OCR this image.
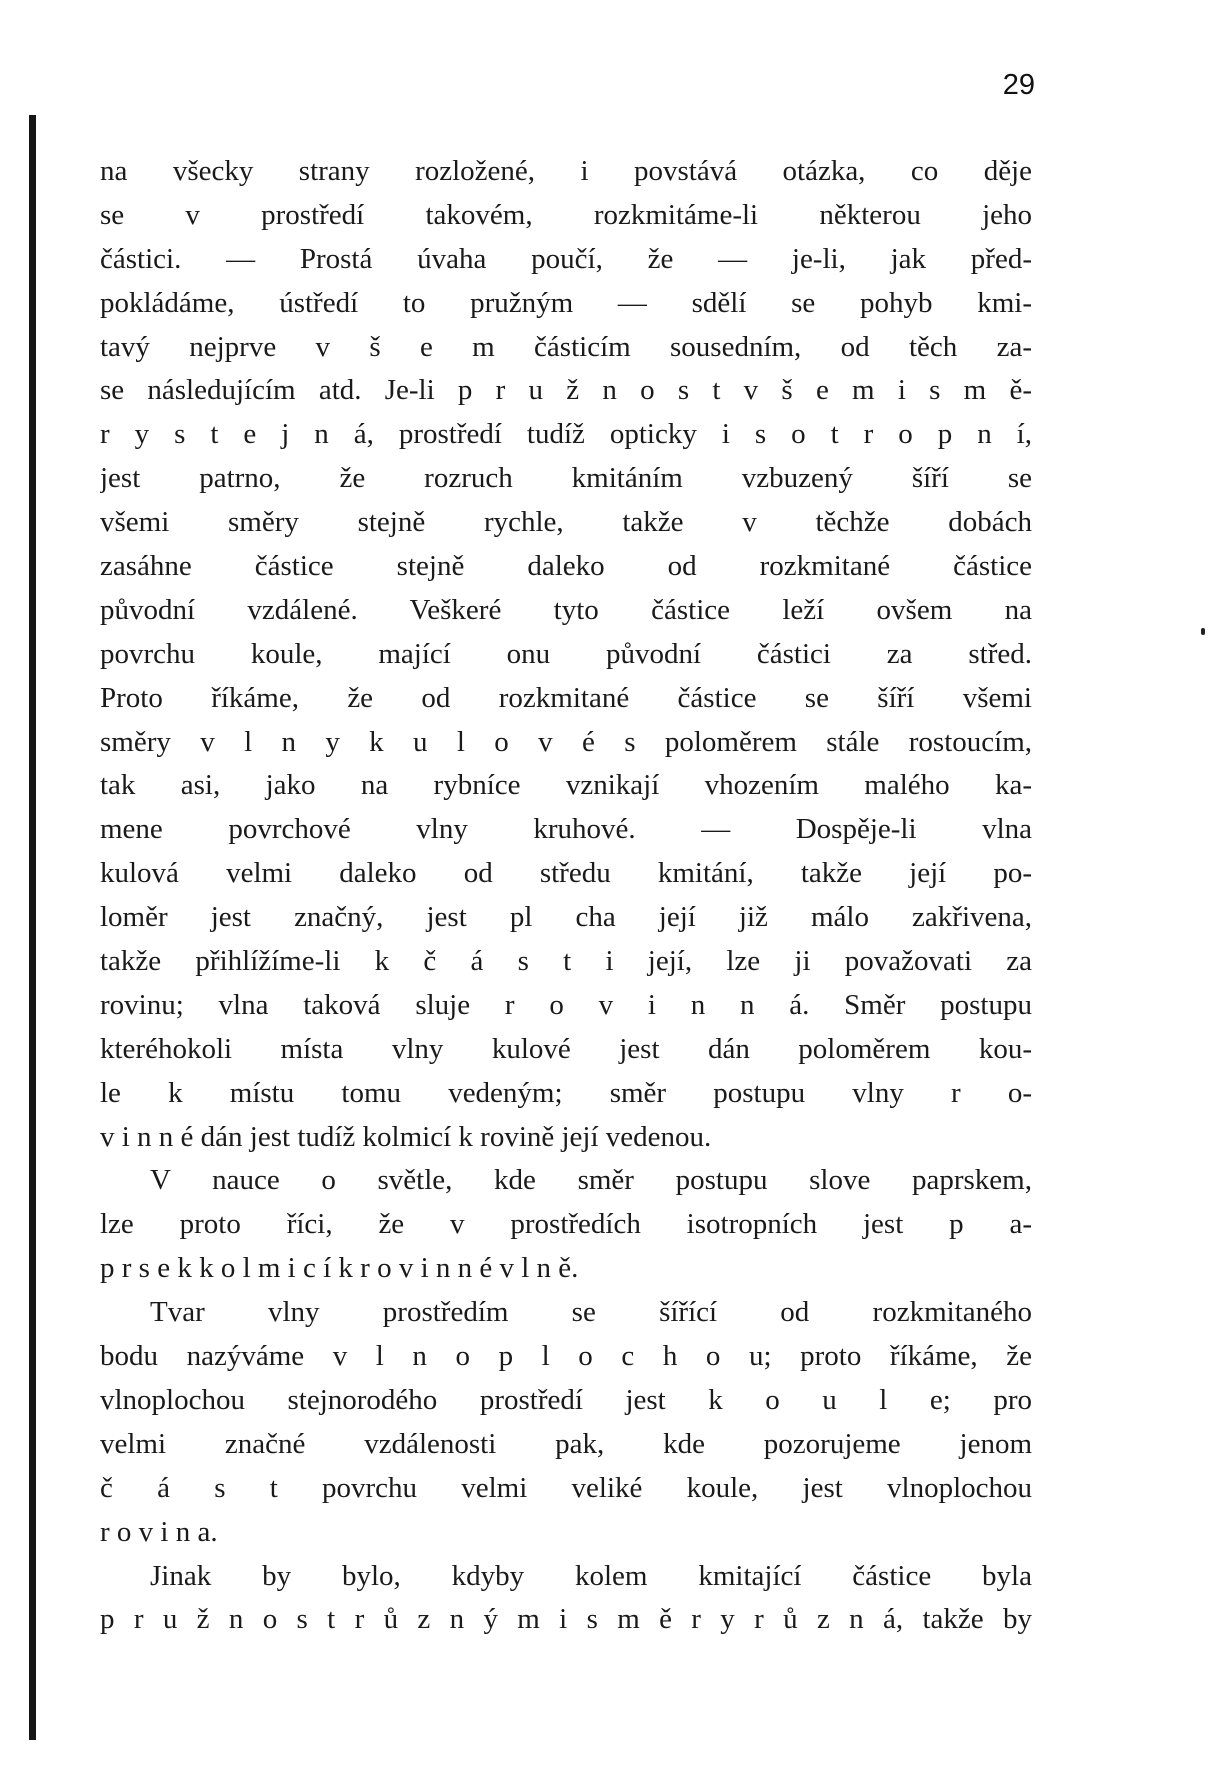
29
na všecky strany rozložené, i povstává otázka, co děje
se v prostředí takovém, rozkmitáme-li některou jeho
částici. — Prostá úvaha poučí, že — je-li, jak před-
pokládáme, ústředí to pružným — sdělí se pohyb kmi-
tavý nejprve v š e m částicím sousedním, od těch za-
se následujícím atd. Je-li p r u ž n o s t v š e m i s m ě-
r y s t e j n á, prostředí tudíž opticky i s o t r o p n í,
jest patrno, že rozruch kmitáním vzbuzený šíří se
všemi směry stejně rychle, takže v těchže dobách
zasáhne částice stejně daleko od rozkmitané částice
původní vzdálené. Veškeré tyto částice leží ovšem na
povrchu koule, mající onu původní částici za střed.
Proto říkáme, že od rozkmitané částice se šíří všemi
směry v l n y k u l o v é s poloměrem stále rostoucím,
tak asi, jako na rybníce vznikají vhozením malého ka-
mene povrchové vlny kruhové. — Dospěje-li vlna
kulová velmi daleko od středu kmitání, takže její po-
loměr jest značný, jest pl cha její již málo zakřivena,
takže přihlížíme-li k č á s t i její, lze ji považovati za
rovinu; vlna taková sluje r o v i n n á. Směr postupu
kteréhokoli místa vlny kulové jest dán poloměrem kou-
le k místu tomu vedeným; směr postupu vlny r o-
v i n n é dán jest tudíž kolmicí k rovině její vedenou.
V nauce o světle, kde směr postupu slove paprskem,
lze proto říci, že v prostředích isotropních jest p a-
p r s e k k o l m i c í k r o v i n n é v l n ě.
Tvar vlny prostředím se šířící od rozkmitaného
bodu nazýváme v l n o p l o c h o u; proto říkáme, že
vlnoplochou stejnorodého prostředí jest k o u l e; pro
velmi značné vzdálenosti pak, kde pozorujeme jenom
č á s t povrchu velmi veliké koule, jest vlnoplochou
r o v i n a.
Jinak by bylo, kdyby kolem kmitající částice byla
p r u ž n o s t r ů z n ý m i s m ě r y r ů z n á, takže by
